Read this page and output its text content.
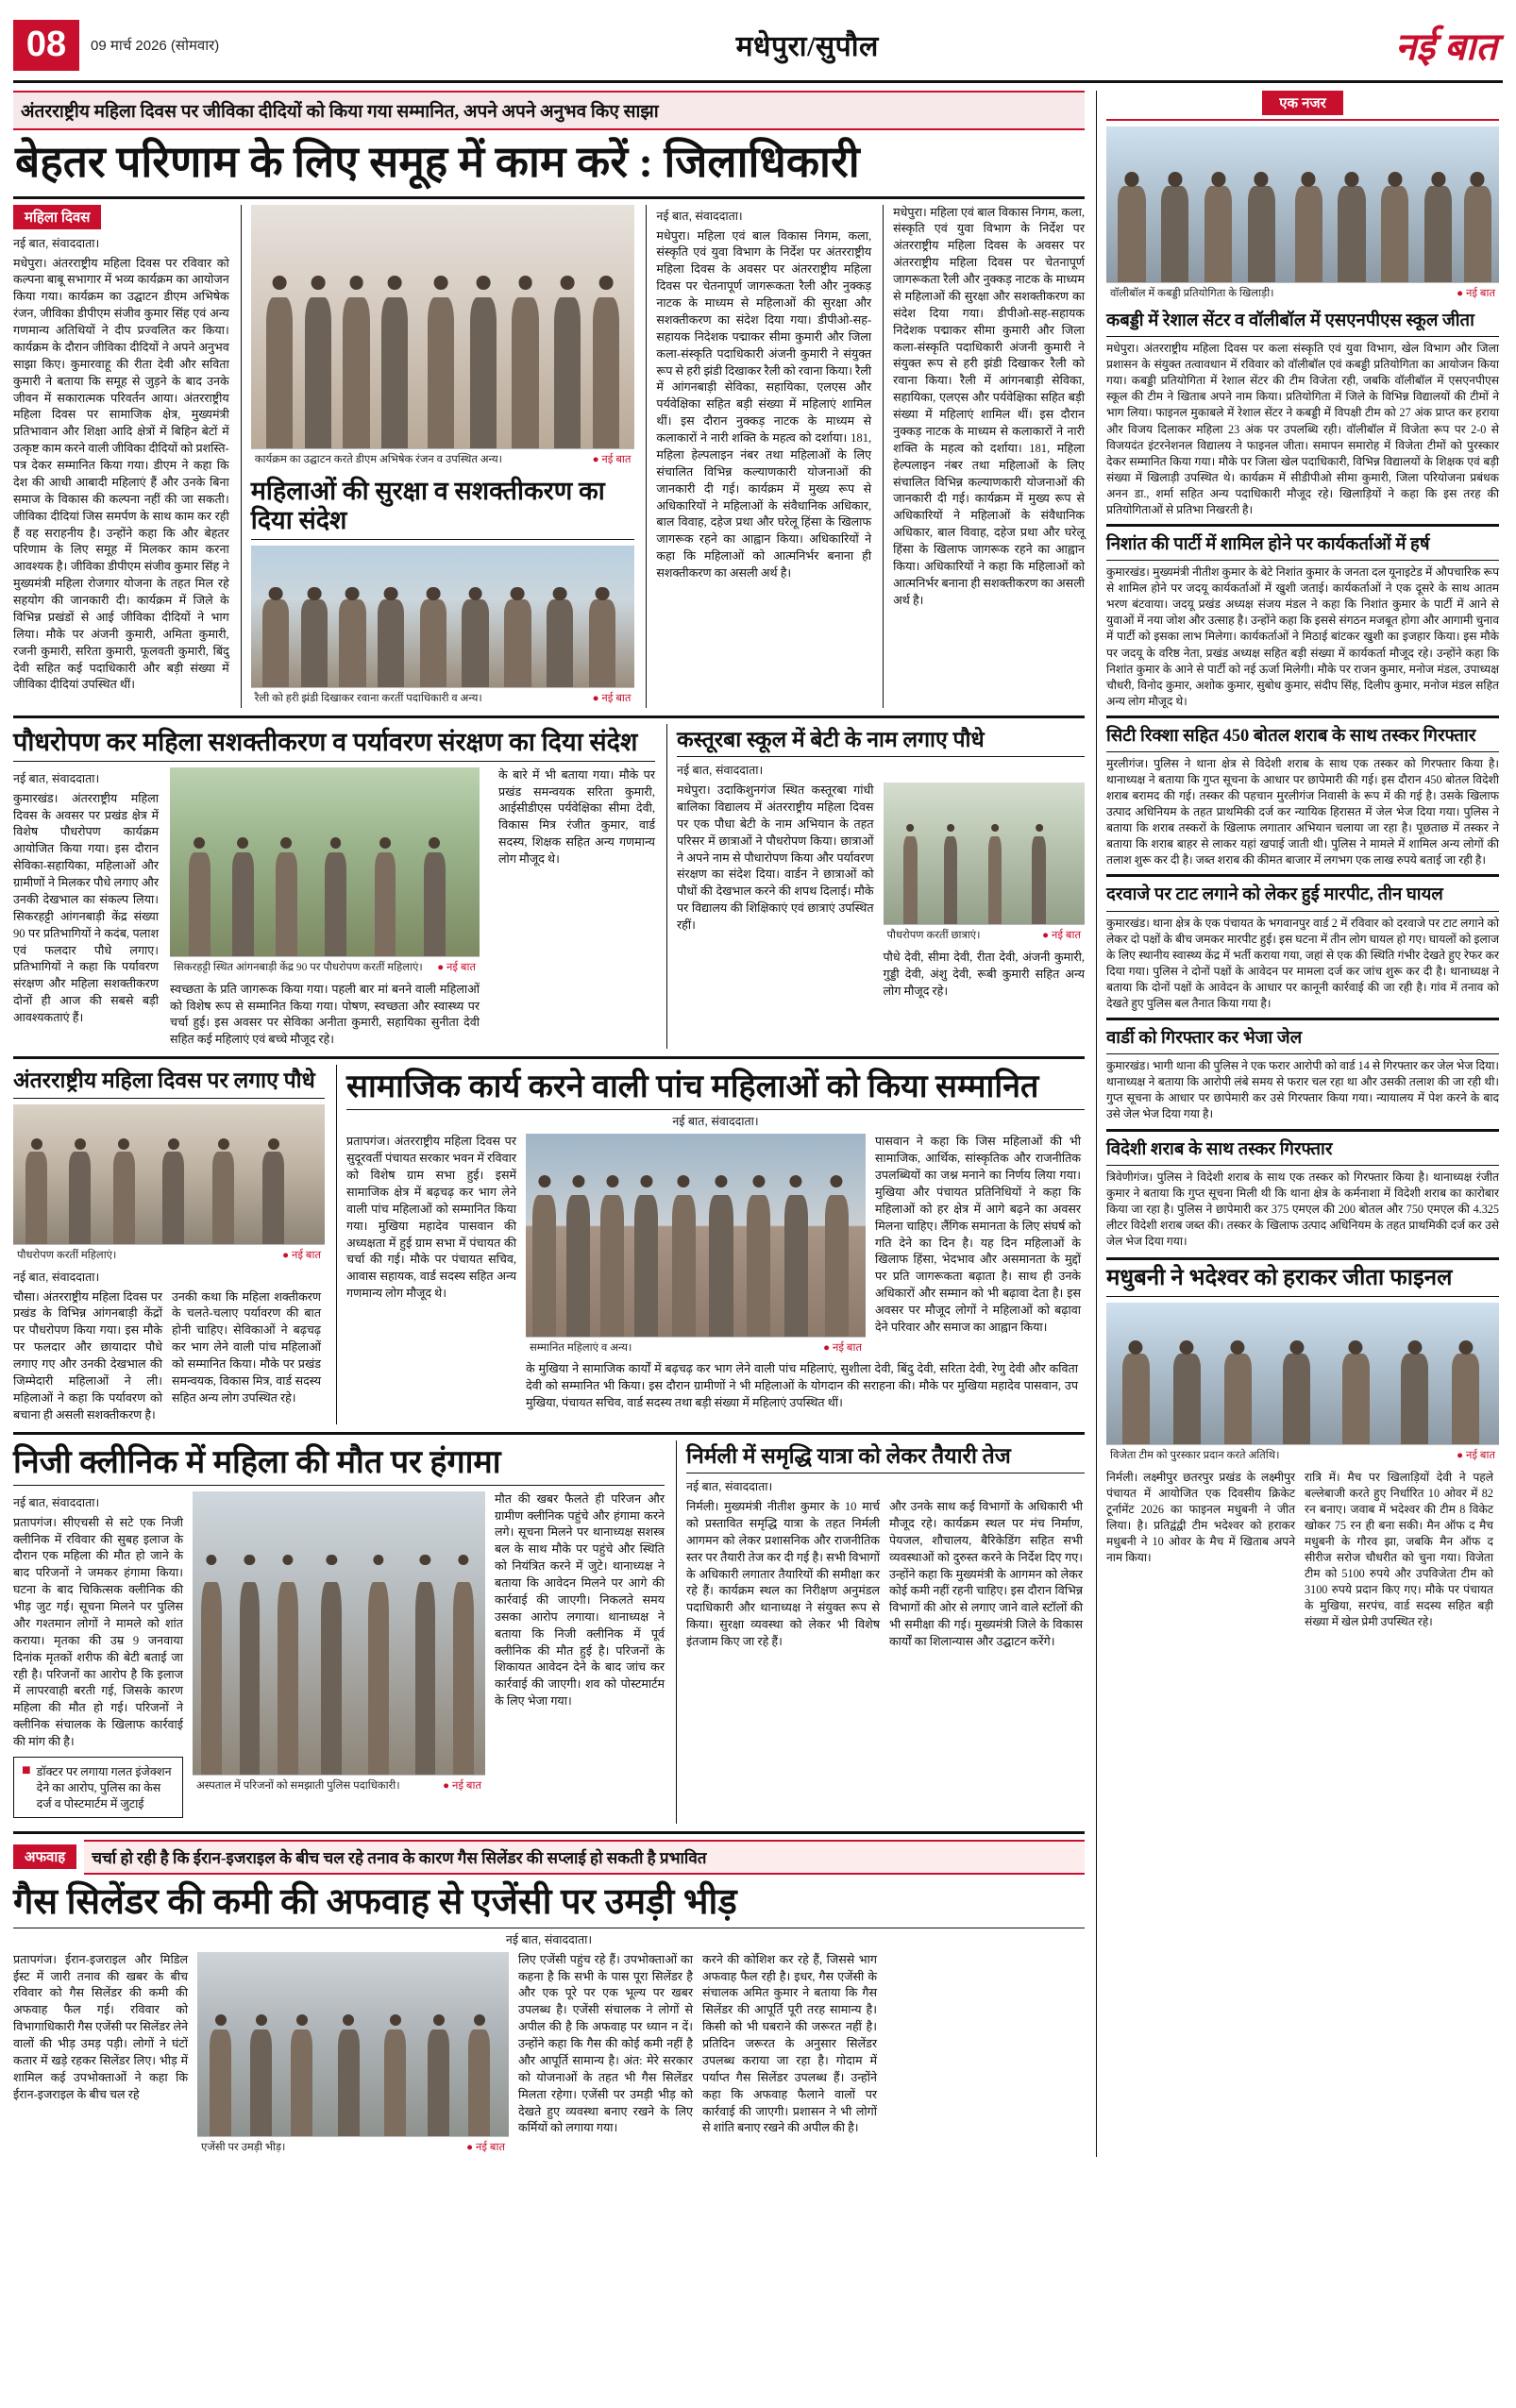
08	09 मार्च 2026 (सोमवार)	मधेपुरा/सुपौल	नई बात
अंतरराष्ट्रीय महिला दिवस पर जीविका दीदियों को किया गया सम्मानित, अपने अपने अनुभव किए साझा
बेहतर परिणाम के लिए समूह में काम करें : जिलाधिकारी
महिला दिवस
नई बात, संवाददाता।
मधेपुरा। अंतरराष्ट्रीय महिला दिवस पर रविवार को कल्पना बाबू सभागार में भव्य कार्यक्रम का आयोजन किया गया। कार्यक्रम का उद्घाटन डीएम अभिषेक रंजन, जीविका डीपीएम संजीव कुमार सिंह एवं अन्य गणमान्य अतिथियों ने दीप प्रज्वलित कर किया। कार्यक्रम के दौरान जीविका दीदियों ने अपने अनुभव साझा किए। कुमारवाहू की रीता देवी और सविता कुमारी ने बताया कि समूह से जुड़ने के बाद उनके जीवन में सकारात्मक परिवर्तन आया। अंतरराष्ट्रीय महिला दिवस पर सामाजिक क्षेत्र, मुख्यमंत्री प्रतिभावान और शिक्षा आदि क्षेत्रों में बिहिन बेटों में उत्कृष्ट काम करने वाली जीविका दीदियों को प्रशस्ति-पत्र देकर सम्मानित किया गया। डीएम ने कहा कि देश की आधी आबादी महिलाएं हैं और उनके बिना समाज के विकास की कल्पना नहीं की जा सकती। जीविका दीदियां जिस समर्पण के साथ काम कर रही हैं वह सराहनीय है। उन्होंने कहा कि और बेहतर परिणाम के लिए समूह में मिलकर काम करना आवश्यक है। जीविका डीपीएम संजीव कुमार सिंह ने मुख्यमंत्री महिला रोजगार योजना के तहत मिल रहे सहयोग की जानकारी दी। कार्यक्रम में जिले के विभिन्न प्रखंडों से आई जीविका दीदियों ने भाग लिया। मौके पर अंजनी कुमारी, अमिता कुमारी, रजनी कुमारी, सरिता कुमारी, फूलवती कुमारी, बिंदु देवी सहित कई पदाधिकारी और बड़ी संख्या में जीविका दीदियां उपस्थित थीं।
कार्यक्रम का उद्घाटन करते डीएम अभिषेक रंजन व उपस्थित अन्य।	● नई बात
महिलाओं की सुरक्षा व सशक्तीकरण का दिया संदेश
रैली को हरी झंडी दिखाकर रवाना करतीं पदाधिकारी व अन्य।	● नई बात
नई बात, संवाददाता।
मधेपुरा। महिला एवं बाल विकास निगम, कला, संस्कृति एवं युवा विभाग के निर्देश पर अंतरराष्ट्रीय महिला दिवस के अवसर पर अंतरराष्ट्रीय महिला दिवस पर चेतनापूर्ण जागरूकता रैली और नुक्कड़ नाटक के माध्यम से महिलाओं की सुरक्षा और सशक्तीकरण का संदेश दिया गया। डीपीओ-सह-सहायक निदेशक पद्माकर सीमा कुमारी और जिला कला-संस्कृति पदाधिकारी अंजनी कुमारी ने संयुक्त रूप से हरी झंडी दिखाकर रैली को रवाना किया। रैली में आंगनबाड़ी सेविका, सहायिका, एलएस और पर्यवेक्षिका सहित बड़ी संख्या में महिलाएं शामिल थीं। इस दौरान नुक्कड़ नाटक के माध्यम से कलाकारों ने नारी शक्ति के महत्व को दर्शाया। 181, महिला हेल्पलाइन नंबर तथा महिलाओं के लिए संचालित विभिन्न कल्याणकारी योजनाओं की जानकारी दी गई। कार्यक्रम में मुख्य रूप से अधिकारियों ने महिलाओं के संवैधानिक अधिकार, बाल विवाह, दहेज प्रथा और घरेलू हिंसा के खिलाफ जागरूक रहने का आह्वान किया। अधिकारियों ने कहा कि महिलाओं को आत्मनिर्भर बनाना ही सशक्तीकरण का असली अर्थ है।
मधेपुरा। महिला एवं बाल विकास निगम, कला, संस्कृति एवं युवा विभाग के निर्देश पर अंतरराष्ट्रीय महिला दिवस के अवसर पर अंतरराष्ट्रीय महिला दिवस पर चेतनापूर्ण जागरूकता रैली और नुक्कड़ नाटक के माध्यम से महिलाओं की सुरक्षा और सशक्तीकरण का संदेश दिया गया। डीपीओ-सह-सहायक निदेशक पद्माकर सीमा कुमारी और जिला कला-संस्कृति पदाधिकारी अंजनी कुमारी ने संयुक्त रूप से हरी झंडी दिखाकर रैली को रवाना किया। रैली में आंगनबाड़ी सेविका, सहायिका, एलएस और पर्यवेक्षिका सहित बड़ी संख्या में महिलाएं शामिल थीं। इस दौरान नुक्कड़ नाटक के माध्यम से कलाकारों ने नारी शक्ति के महत्व को दर्शाया। 181, महिला हेल्पलाइन नंबर तथा महिलाओं के लिए संचालित विभिन्न कल्याणकारी योजनाओं की जानकारी दी गई। कार्यक्रम में मुख्य रूप से अधिकारियों ने महिलाओं के संवैधानिक अधिकार, बाल विवाह, दहेज प्रथा और घरेलू हिंसा के खिलाफ जागरूक रहने का आह्वान किया। अधिकारियों ने कहा कि महिलाओं को आत्मनिर्भर बनाना ही सशक्तीकरण का असली अर्थ है।
पौधरोपण कर महिला सशक्तीकरण व पर्यावरण संरक्षण का दिया संदेश
नई बात, संवाददाता।
कुमारखंड। अंतरराष्ट्रीय महिला दिवस के अवसर पर प्रखंड क्षेत्र में विशेष पौधरोपण कार्यक्रम आयोजित किया गया। इस दौरान सेविका-सहायिका, महिलाओं और ग्रामीणों ने मिलकर पौधे लगाए और उनकी देखभाल का संकल्प लिया। सिकरहट्टी आंगनबाड़ी केंद्र संख्या 90 पर प्रतिभागियों ने कदंब, पलाश एवं फलदार पौधे लगाए। प्रतिभागियों ने कहा कि पर्यावरण संरक्षण और महिला सशक्तीकरण दोनों ही आज की सबसे बड़ी आवश्यकताएं हैं।
सिकरहट्टी स्थित आंगनबाड़ी केंद्र 90 पर पौधरोपण करतीं महिलाएं। ● नई बात
स्वच्छता के प्रति जागरूक किया गया। पहली बार मां बनने वाली महिलाओं को विशेष रूप से सम्मानित किया गया। पोषण, स्वच्छता और स्वास्थ्य पर चर्चा हुई। इस अवसर पर सेविका अनीता कुमारी, सहायिका सुनीता देवी सहित कई महिलाएं एवं बच्चे मौजूद रहे।
के बारे में भी बताया गया। मौके पर प्रखंड समन्वयक सरिता कुमारी, आईसीडीएस पर्यवेक्षिका सीमा देवी, विकास मित्र रंजीत कुमार, वार्ड सदस्य, शिक्षक सहित अन्य गणमान्य लोग मौजूद थे।
कस्तूरबा स्कूल में बेटी के नाम लगाए पौधे
नई बात, संवाददाता।
मधेपुरा। उदाकिशुनगंज स्थित कस्तूरबा गांधी बालिका विद्यालय में अंतरराष्ट्रीय महिला दिवस पर एक पौधा बेटी के नाम अभियान के तहत परिसर में छात्राओं ने पौधरोपण किया। छात्राओं ने अपने नाम से पौधारोपण किया और पर्यावरण संरक्षण का संदेश दिया। वार्डन ने छात्राओं को पौधों की देखभाल करने की शपथ दिलाई। मौके पर विद्यालय की शिक्षिकाएं एवं छात्राएं उपस्थित रहीं।
पौधरोपण करतीं छात्राएं।	● नई बात
पौधे देवी, सीमा देवी, रीता देवी, अंजनी कुमारी, गुड्डी देवी, अंशु देवी, रूबी कुमारी सहित अन्य लोग मौजूद रहे।
अंतरराष्ट्रीय महिला दिवस पर लगाए पौधे
पौधरोपण करतीं महिलाएं।	● नई बात
नई बात, संवाददाता।
चौसा। अंतरराष्ट्रीय महिला दिवस पर प्रखंड के विभिन्न आंगनबाड़ी केंद्रों पर पौधरोपण किया गया। इस मौके पर फलदार और छायादार पौधे लगाए गए और उनकी देखभाल की जिम्मेदारी महिलाओं ने ली। महिलाओं ने कहा कि पर्यावरण को बचाना ही असली सशक्तीकरण है।
उनकी कथा कि महिला शक्तीकरण के चलते-चलाए पर्यावरण की बात होनी चाहिए। सेविकाओं ने बढ़चढ़ कर भाग लेने वाली पांच महिलाओं को सम्मानित किया। मौके पर प्रखंड समन्वयक, विकास मित्र, वार्ड सदस्य सहित अन्य लोग उपस्थित रहे।
सामाजिक कार्य करने वाली पांच महिलाओं को किया सम्मानित
नई बात, संवाददाता।
प्रतापगंज। अंतरराष्ट्रीय महिला दिवस पर सुदूरवर्ती पंचायत सरकार भवन में रविवार को विशेष ग्राम सभा हुई। इसमें सामाजिक क्षेत्र में बढ़चढ़ कर भाग लेने वाली पांच महिलाओं को सम्मानित किया गया। मुखिया महादेव पासवान की अध्यक्षता में हुई ग्राम सभा में पंचायत की चर्चा की गई। मौके पर पंचायत सचिव, आवास सहायक, वार्ड सदस्य सहित अन्य गणमान्य लोग मौजूद थे।
सम्मानित महिलाएं व अन्य।	● नई बात
पासवान ने कहा कि जिस महिलाओं की भी सामाजिक, आर्थिक, सांस्कृतिक और राजनीतिक उपलब्धियों का जश्न मनाने का निर्णय लिया गया। मुखिया और पंचायत प्रतिनिधियों ने कहा कि महिलाओं को हर क्षेत्र में आगे बढ़ने का अवसर मिलना चाहिए। लैंगिक समानता के लिए संघर्ष को गति देने का दिन है। यह दिन महिलाओं के खिलाफ हिंसा, भेदभाव और असमानता के मुद्दों पर प्रति जागरूकता बढ़ाता है। साथ ही उनके अधिकारों और सम्मान को भी बढ़ावा देता है। इस अवसर पर मौजूद लोगों ने महिलाओं को बढ़ावा देने परिवार और समाज का आह्वान किया।
के मुखिया ने सामाजिक कार्यों में बढ़चढ़ कर भाग लेने वाली पांच महिलाएं, सुशीला देवी, बिंदु देवी, सरिता देवी, रेणु देवी और कविता देवी को सम्मानित भी किया। इस दौरान ग्रामीणों ने भी महिलाओं के योगदान की सराहना की। मौके पर मुखिया महादेव पासवान, उप मुखिया, पंचायत सचिव, वार्ड सदस्य तथा बड़ी संख्या में महिलाएं उपस्थित थीं।
निजी क्लीनिक में महिला की मौत पर हंगामा
नई बात, संवाददाता।
प्रतापगंज। सीएचसी से सटे एक निजी क्लीनिक में रविवार की सुबह इलाज के दौरान एक महिला की मौत हो जाने के बाद परिजनों ने जमकर हंगामा किया। घटना के बाद चिकित्सक क्लीनिक की भीड़ जुट गई। सूचना मिलने पर पुलिस और गश्तमान लोगों ने मामले को शांत कराया। मृतका की उम्र 9 जनवाया दिनांक मृतकों शरीफ की बेटी बताई जा रही है। परिजनों का आरोप है कि इलाज में लापरवाही बरती गई, जिसके कारण महिला की मौत हो गई। परिजनों ने क्लीनिक संचालक के खिलाफ कार्रवाई की मांग की है।
■ डॉक्टर पर लगाया गलत इंजेक्शन देने का आरोप, पुलिस का केस दर्ज व पोस्टमार्टम में जुटाई
अस्पताल में परिजनों को समझाती पुलिस पदाधिकारी।	● नई बात
मौत की खबर फैलते ही परिजन और ग्रामीण क्लीनिक पहुंचे और हंगामा करने लगे। सूचना मिलने पर थानाध्यक्ष सशस्त्र बल के साथ मौके पर पहुंचे और स्थिति को नियंत्रित करने में जुटे। थानाध्यक्ष ने बताया कि आवेदन मिलने पर आगे की कार्रवाई की जाएगी। निकलते समय उसका आरोप लगाया। थानाध्यक्ष ने बताया कि निजी क्लीनिक में पूर्व क्लीनिक की मौत हुई है। परिजनों के शिकायत आवेदन देने के बाद जांच कर कार्रवाई की जाएगी। शव को पोस्टमार्टम के लिए भेजा गया।
निर्मली में समृद्धि यात्रा को लेकर तैयारी तेज
नई बात, संवाददाता।
निर्मली। मुख्यमंत्री नीतीश कुमार के 10 मार्च को प्रस्तावित समृद्धि यात्रा के तहत निर्मली आगमन को लेकर प्रशासनिक और राजनीतिक स्तर पर तैयारी तेज कर दी गई है। सभी विभागों के अधिकारी लगातार तैयारियों की समीक्षा कर रहे हैं। कार्यक्रम स्थल का निरीक्षण अनुमंडल पदाधिकारी और थानाध्यक्ष ने संयुक्त रूप से किया। सुरक्षा व्यवस्था को लेकर भी विशेष इंतजाम किए जा रहे हैं।
और उनके साथ कई विभागों के अधिकारी भी मौजूद रहे। कार्यक्रम स्थल पर मंच निर्माण, पेयजल, शौचालय, बैरिकेडिंग सहित सभी व्यवस्थाओं को दुरुस्त करने के निर्देश दिए गए। उन्होंने कहा कि मुख्यमंत्री के आगमन को लेकर कोई कमी नहीं रहनी चाहिए। इस दौरान विभिन्न विभागों की ओर से लगाए जाने वाले स्टॉलों की भी समीक्षा की गई। मुख्यमंत्री जिले के विकास कार्यों का शिलान्यास और उद्घाटन करेंगे।
अफवाह	चर्चा हो रही है कि ईरान-इजराइल के बीच चल रहे तनाव के कारण गैस सिलेंडर की सप्लाई हो सकती है प्रभावित
गैस सिलेंडर की कमी की अफवाह से एजेंसी पर उमड़ी भीड़
नई बात, संवाददाता।
प्रतापगंज। ईरान-इजराइल और मिडिल ईस्ट में जारी तनाव की खबर के बीच रविवार को गैस सिलेंडर की कमी की अफवाह फैल गई। रविवार को विभागाधिकारी गैस एजेंसी पर सिलेंडर लेने वालों की भीड़ उमड़ पड़ी। लोगों ने घंटों कतार में खड़े रहकर सिलेंडर लिए। भीड़ में शामिल कई उपभोक्ताओं ने कहा कि ईरान-इजराइल के बीच चल रहे
एजेंसी पर उमड़ी भीड़।	● नई बात
लिए एजेंसी पहुंच रहे हैं। उपभोक्ताओं का कहना है कि सभी के पास पूरा सिलेंडर है और एक पूरे पर एक भूल्य पर खबर उपलब्ध है। एजेंसी संचालक ने लोगों से अपील की है कि अफवाह पर ध्यान न दें। उन्होंने कहा कि गैस की कोई कमी नहीं है और आपूर्ति सामान्य है। अंत: मेरे सरकार को योजनाओं के तहत भी गैस सिलेंडर मिलता रहेगा। एजेंसी पर उमड़ी भीड़ को देखते हुए व्यवस्था बनाए रखने के लिए कर्मियों को लगाया गया।
करने की कोशिश कर रहे हैं, जिससे भाग अफवाह फैल रही है। इधर, गैस एजेंसी के संचालक अमित कुमार ने बताया कि गैस सिलेंडर की आपूर्ति पूरी तरह सामान्य है। किसी को भी घबराने की जरूरत नहीं है। प्रतिदिन जरूरत के अनुसार सिलेंडर उपलब्ध कराया जा रहा है। गोदाम में पर्याप्त गैस सिलेंडर उपलब्ध हैं। उन्होंने कहा कि अफवाह फैलाने वालों पर कार्रवाई की जाएगी। प्रशासन ने भी लोगों से शांति बनाए रखने की अपील की है।
एक नजर
वॉलीबॉल में कबड्डी प्रतियोगिता के खिलाड़ी।	● नई बात
कबड्डी में रेशाल सेंटर व वॉलीबॉल में एसएनपीएस स्कूल जीता
मधेपुरा। अंतरराष्ट्रीय महिला दिवस पर कला संस्कृति एवं युवा विभाग, खेल विभाग और जिला प्रशासन के संयुक्त तत्वावधान में रविवार को वॉलीबॉल एवं कबड्डी प्रतियोगिता का आयोजन किया गया। कबड्डी प्रतियोगिता में रेशाल सेंटर की टीम विजेता रही, जबकि वॉलीबॉल में एसएनपीएस स्कूल की टीम ने खिताब अपने नाम किया। प्रतियोगिता में जिले के विभिन्न विद्यालयों की टीमों ने भाग लिया। फाइनल मुकाबले में रेशाल सेंटर ने कबड्डी में विपक्षी टीम को 27 अंक प्राप्त कर हराया और विजय दिलाकर महिला 23 अंक पर उपलब्धि रही। वॉलीबॉल में विजेता रूप पर 2-0 से विजयदंत इंटरनेशनल विद्यालय ने फाइनल जीता। समापन समारोह में विजेता टीमों को पुरस्कार देकर सम्मानित किया गया। मौके पर जिला खेल पदाधिकारी, विभिन्न विद्यालयों के शिक्षक एवं बड़ी संख्या में खिलाड़ी उपस्थित थे। कार्यक्रम में सीडीपीओ सीमा कुमारी, जिला परियोजना प्रबंधक अनन डा., शर्मा सहित अन्य पदाधिकारी मौजूद रहे। खिलाड़ियों ने कहा कि इस तरह की प्रतियोगिताओं से प्रतिभा निखरती है।
निशांत की पार्टी में शामिल होने पर कार्यकर्ताओं में हर्ष
कुमारखंड। मुख्यमंत्री नीतीश कुमार के बेटे निशांत कुमार के जनता दल यूनाइटेड में औपचारिक रूप से शामिल होने पर जदयू कार्यकर्ताओं में खुशी जताई। कार्यकर्ताओं ने एक दूसरे के साथ आतम भरण बंटवाया। जदयू प्रखंड अध्यक्ष संजय मंडल ने कहा कि निशांत कुमार के पार्टी में आने से युवाओं में नया जोश और उत्साह है। उन्होंने कहा कि इससे संगठन मजबूत होगा और आगामी चुनाव में पार्टी को इसका लाभ मिलेगा। कार्यकर्ताओं ने मिठाई बांटकर खुशी का इजहार किया। इस मौके पर जदयू के वरिष्ठ नेता, प्रखंड अध्यक्ष सहित बड़ी संख्या में कार्यकर्ता मौजूद रहे। उन्होंने कहा कि निशांत कुमार के आने से पार्टी को नई ऊर्जा मिलेगी। मौके पर राजन कुमार, मनोज मंडल, उपाध्यक्ष चौधरी, विनोद कुमार, अशोक कुमार, सुबोध कुमार, संदीप सिंह, दिलीप कुमार, मनोज मंडल सहित अन्य लोग मौजूद थे।
सिटी रिक्शा सहित 450 बोतल शराब के साथ तस्कर गिरफ्तार
मुरलीगंज। पुलिस ने थाना क्षेत्र से विदेशी शराब के साथ एक तस्कर को गिरफ्तार किया है। थानाध्यक्ष ने बताया कि गुप्त सूचना के आधार पर छापेमारी की गई। इस दौरान 450 बोतल विदेशी शराब बरामद की गई। तस्कर की पहचान मुरलीगंज निवासी के रूप में की गई है। उसके खिलाफ उत्पाद अधिनियम के तहत प्राथमिकी दर्ज कर न्यायिक हिरासत में जेल भेज दिया गया। पुलिस ने बताया कि शराब तस्करों के खिलाफ लगातार अभियान चलाया जा रहा है। पूछताछ में तस्कर ने बताया कि शराब बाहर से लाकर यहां खपाई जाती थी। पुलिस ने मामले में शामिल अन्य लोगों की तलाश शुरू कर दी है। जब्त शराब की कीमत बाजार में लगभग एक लाख रुपये बताई जा रही है।
दरवाजे पर टाट लगाने को लेकर हुई मारपीट, तीन घायल
कुमारखंड। थाना क्षेत्र के एक पंचायत के भगवानपुर वार्ड 2 में रविवार को दरवाजे पर टाट लगाने को लेकर दो पक्षों के बीच जमकर मारपीट हुई। इस घटना में तीन लोग घायल हो गए। घायलों को इलाज के लिए स्थानीय स्वास्थ्य केंद्र में भर्ती कराया गया, जहां से एक की स्थिति गंभीर देखते हुए रेफर कर दिया गया। पुलिस ने दोनों पक्षों के आवेदन पर मामला दर्ज कर जांच शुरू कर दी है। थानाध्यक्ष ने बताया कि दोनों पक्षों के आवेदन के आधार पर कानूनी कार्रवाई की जा रही है। गांव में तनाव को देखते हुए पुलिस बल तैनात किया गया है।
वार्डी को गिरफ्तार कर भेजा जेल
कुमारखंड। भागी थाना की पुलिस ने एक फरार आरोपी को वार्ड 14 से गिरफ्तार कर जेल भेज दिया। थानाध्यक्ष ने बताया कि आरोपी लंबे समय से फरार चल रहा था और उसकी तलाश की जा रही थी। गुप्त सूचना के आधार पर छापेमारी कर उसे गिरफ्तार किया गया। न्यायालय में पेश करने के बाद उसे जेल भेज दिया गया है।
विदेशी शराब के साथ तस्कर गिरफ्तार
त्रिवेणीगंज। पुलिस ने विदेशी शराब के साथ एक तस्कर को गिरफ्तार किया है। थानाध्यक्ष रंजीत कुमार ने बताया कि गुप्त सूचना मिली थी कि थाना क्षेत्र के कर्मनाशा में विदेशी शराब का कारोबार किया जा रहा है। पुलिस ने छापेमारी कर 375 एमएल की 200 बोतल और 750 एमएल की 4.325 लीटर विदेशी शराब जब्त की। तस्कर के खिलाफ उत्पाद अधिनियम के तहत प्राथमिकी दर्ज कर उसे जेल भेज दिया गया।
मधुबनी ने भदेश्वर को हराकर जीता फाइनल
विजेता टीम को पुरस्कार प्रदान करते अतिथि।	● नई बात
निर्मली। लक्ष्मीपुर छतरपुर प्रखंड के लक्ष्मीपुर पंचायत में आयोजित एक दिवसीय क्रिकेट टूर्नामेंट 2026 का फाइनल मधुबनी ने जीत लिया। है। प्रतिद्वंद्वी टीम भदेश्वर को हराकर मधुबनी ने 10 ओवर के मैच में खिताब अपने नाम किया।
रात्रि में। मैच पर खिलाड़ियों देवी ने पहले बल्लेबाजी करते हुए निर्धारित 10 ओवर में 82 रन बनाए। जवाब में भदेश्वर की टीम 8 विकेट खोकर 75 रन ही बना सकी। मैन ऑफ द मैच मधुबनी के गौरव झा, जबकि मैन ऑफ द सीरीज सरोज चौधरीत को चुना गया। विजेता टीम को 5100 रुपये और उपविजेता टीम को 3100 रुपये प्रदान किए गए। मौके पर पंचायत के मुखिया, सरपंच, वार्ड सदस्य सहित बड़ी संख्या में खेल प्रेमी उपस्थित रहे।
